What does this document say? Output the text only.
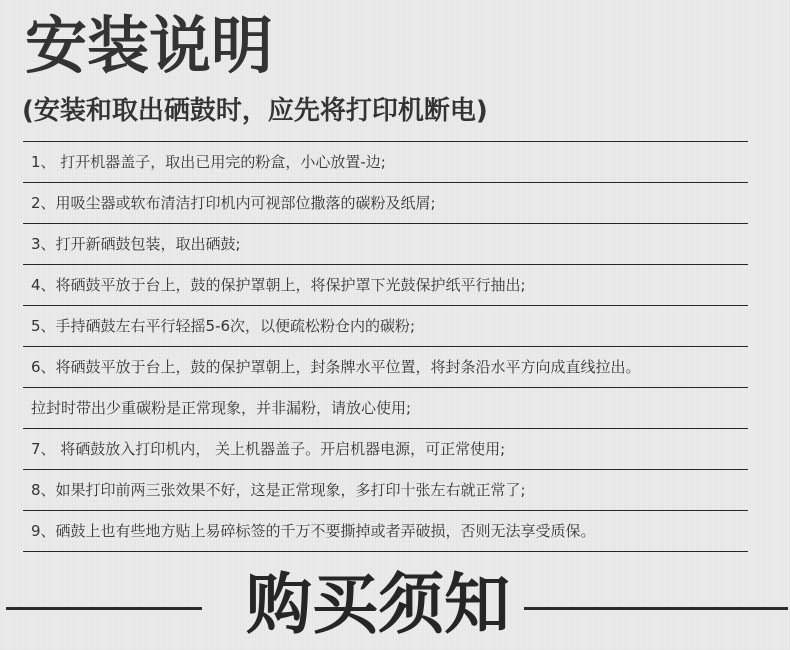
安装说明
(安装和取出硒鼓时，应先将打印机断电)
1、 打开机器盖子，取出已用完的粉盒，小心放置-边;
2、用吸尘器或软布清洁打印机内可视部位撒落的碳粉及纸屑;
3、打开新硒鼓包装，取出硒鼓;
4、将硒鼓平放于台上，鼓的保护罩朝上，将保护罩下光鼓保护纸平行抽出;
5、手持硒鼓左右平行轻摇5-6次，以便疏松粉仓内的碳粉;
6、将硒鼓平放于台上，鼓的保护罩朝上，封条牌水平位置，将封条沿水平方向成直线拉出。
拉封时带出少重碳粉是正常现象，并非漏粉，请放心使用;
7、 将硒鼓放入打印机内， 关上机器盖子。开启机器电源，可正常使用;
8、如果打印前两三张效果不好，这是正常现象，多打印十张左右就正常了;
9、硒鼓上也有些地方贴上易碎标签的千万不要撕掉或者弄破损，否则无法享受质保。
购买须知
